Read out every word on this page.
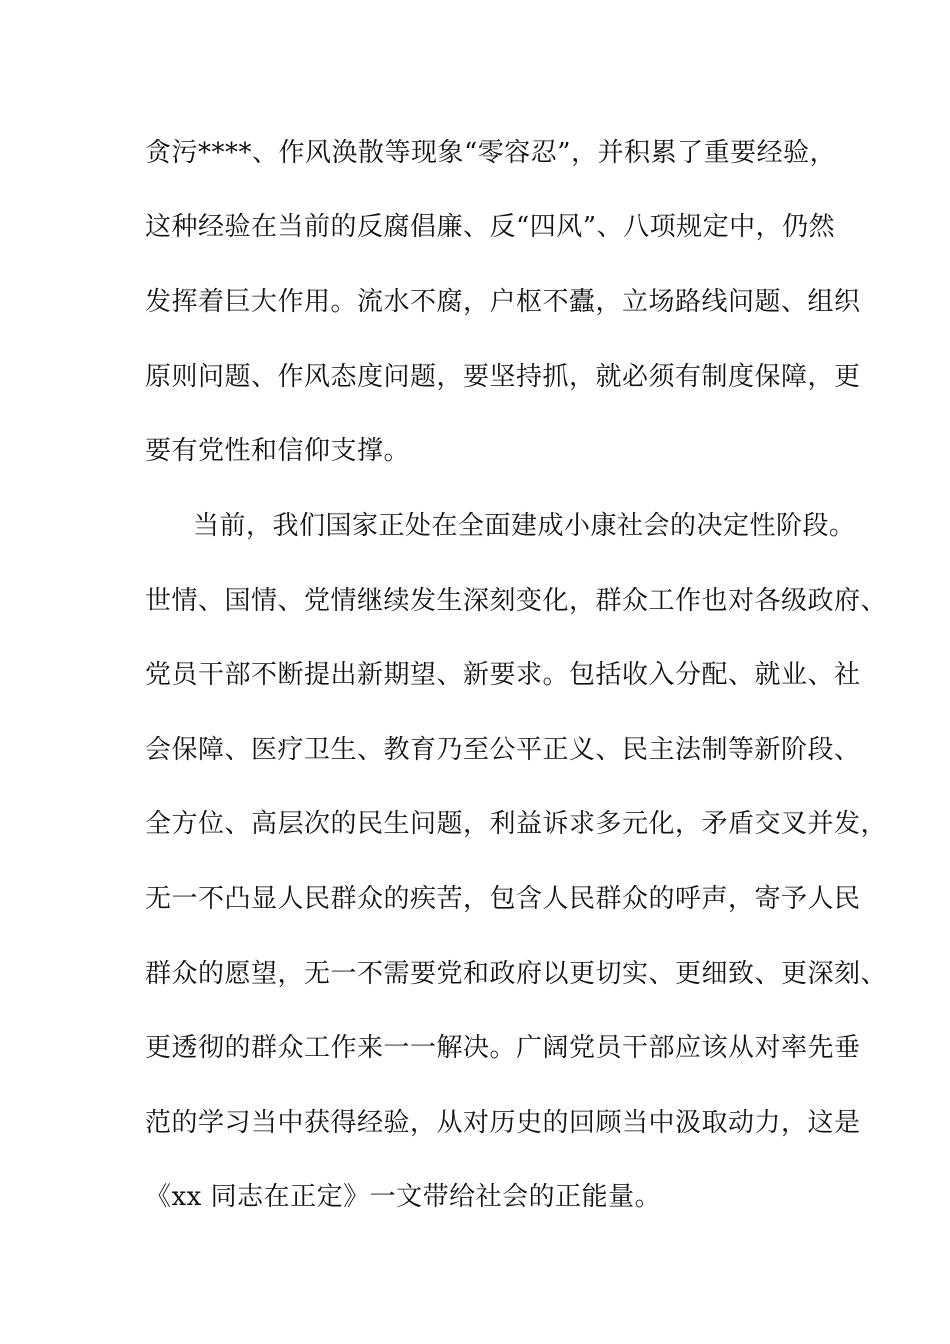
贪污****、作风涣散等现象“零容忍”，并积累了重要经验，
这种经验在当前的反腐倡廉、反“四风”、八项规定中，仍然
发挥着巨大作用。流水不腐，户枢不蠹，立场路线问题、组织
原则问题、作风态度问题，要坚持抓，就必须有制度保障，更
要有党性和信仰支撑。
当前，我们国家正处在全面建成小康社会的决定性阶段。
世情、国情、党情继续发生深刻变化，群众工作也对各级政府、
党员干部不断提出新期望、新要求。包括收入分配、就业、社
会保障、医疗卫生、教育乃至公平正义、民主法制等新阶段、
全方位、高层次的民生问题，利益诉求多元化，矛盾交叉并发，
无一不凸显人民群众的疾苦，包含人民群众的呼声，寄予人民
群众的愿望，无一不需要党和政府以更切实、更细致、更深刻、
更透彻的群众工作来一一解决。广阔党员干部应该从对率先垂
范的学习当中获得经验，从对历史的回顾当中汲取动力，这是
《xx 同志在正定》一文带给社会的正能量。
